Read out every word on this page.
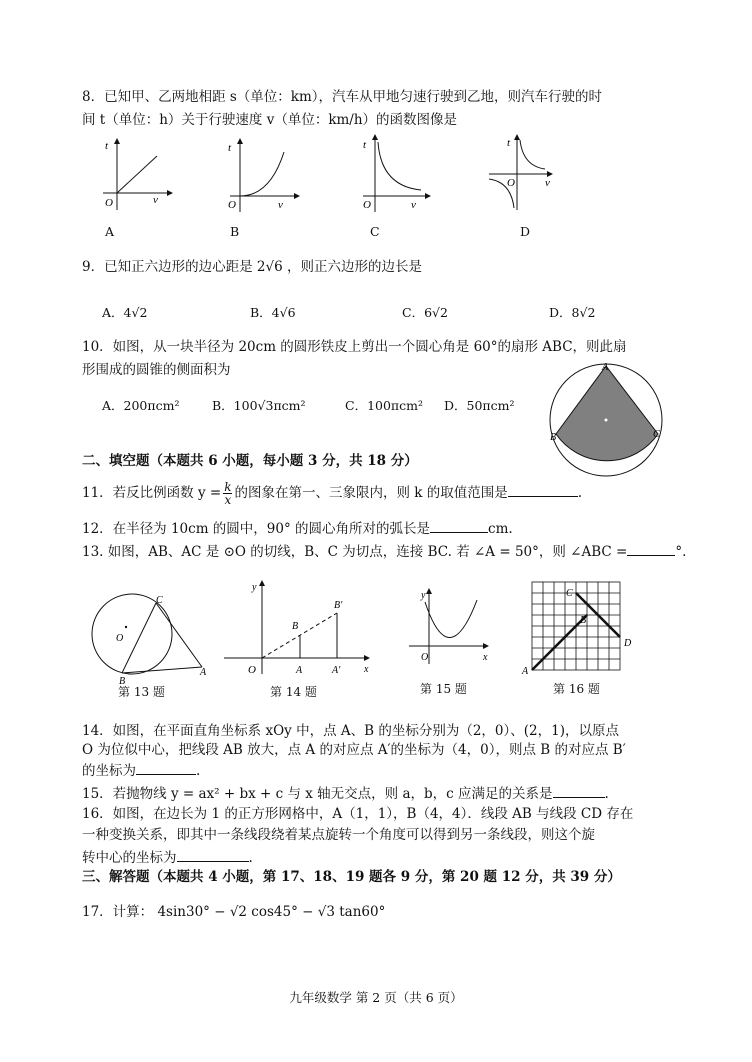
8．已知甲、乙两地相距 s（单位：km），汽车从甲地匀速行驶到乙地，则汽车行驶的时
间 t（单位：h）关于行驶速度 v（单位：km/h）的函数图像是
t
O	v
t
O	v
t
O	v
t
O	v
A	B	C	D
9．已知正六边形的边心距是 2√6 ，则正六边形的边长是
A．4√2	B．4√6	C．6√2	D．8√2
10．如图，从一块半径为 20cm 的圆形铁皮上剪出一个圆心角是 60°的扇形 ABC，则此扇
形围成的圆锥的侧面积为
A．200πcm²	B．100√3πcm²	C．100πcm² D．50πcm²
A
B	C
二、填空题（本题共 6 小题，每小题 3 分，共 18 分）
11．若反比例函数 $y = \frac{k}{x}$ 的图象在第一、三象限内，则 k 的取值范围是	.
12．在半径为 10cm 的圆中，90° 的圆心角所对的弧长是	cm.
13. 如图，AB、AC 是 ⊙O 的切线，B、C 为切点，连接 BC. 若 ∠A = 50°，则 ∠ABC =	°.
C
O
B
A
第 13 题
y
B′
B
O	A	A′ x
第 14 题
y
O	x
第 15 题
C
B
D
A
第 16 题
14．如图，在平面直角坐标系 xOy 中，点 A、B 的坐标分别为（2，0）、(2，1)，以原点
O 为位似中心，把线段 AB 放大，点 A 的对应点 A′的坐标为（4，0），则点 B 的对应点 B′
的坐标为	.
15．若抛物线 y = ax² + bx + c 与 x 轴无交点，则 a，b，c 应满足的关系是	.
16．如图，在边长为 1 的正方形网格中，A（1，1），B（4，4）．线段 AB 与线段 CD 存在
一种变换关系，即其中一条线段绕着某点旋转一个角度可以得到另一条线段，则这个旋
转中心的坐标为	.
三、解答题（本题共 4 小题，第 17、18、19 题各 9 分，第 20 题 12 分，共 39 分）
17．计算： 4sin30° − √2 cos45° − √3 tan60°
九年级数学 第 2 页（共 6 页）
